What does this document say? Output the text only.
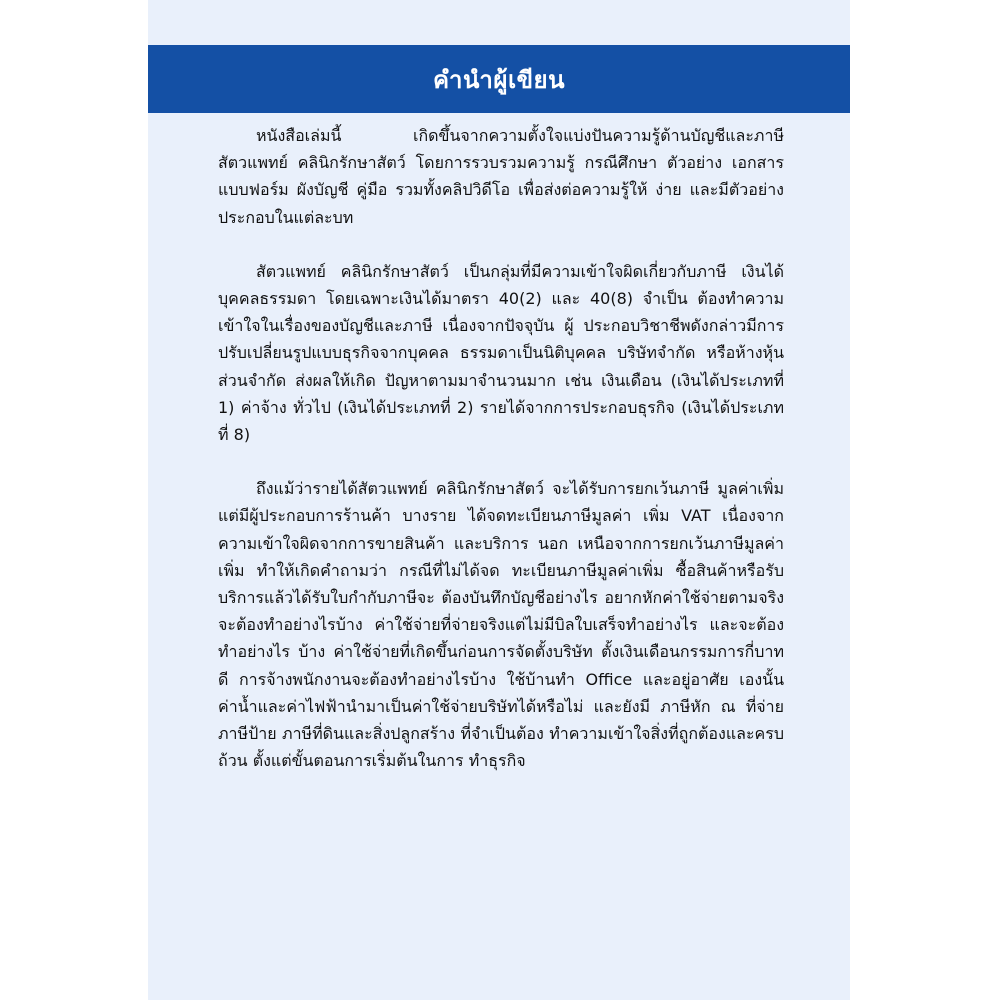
คำนำผู้เขียน

หนังสือเล่มนี้ เกิดขึ้นจากความตั้งใจแบ่งปันความรู้ด้านบัญชีและภาษี สัตวแพทย์ คลินิกรักษาสัตว์ โดยการรวบรวมความรู้ กรณีศึกษา ตัวอย่าง เอกสาร แบบฟอร์ม ผังบัญชี คู่มือ รวมทั้งคลิปวิดีโอ เพื่อส่งต่อความรู้ให้ ง่าย และมีตัวอย่างประกอบในแต่ละบท

สัตวแพทย์ คลินิกรักษาสัตว์ เป็นกลุ่มที่มีความเข้าใจผิดเกี่ยวกับภาษี เงินได้บุคคลธรรมดา โดยเฉพาะเงินได้มาตรา 40(2) และ 40(8) จำเป็น ต้องทำความเข้าใจในเรื่องของบัญชีและภาษี เนื่องจากปัจจุบัน ผู้ ประกอบวิชาชีพดังกล่าวมีการปรับเปลี่ยนรูปแบบธุรกิจจากบุคคล ธรรมดาเป็นนิติบุคคล บริษัทจำกัด หรือห้างหุ้นส่วนจำกัด ส่งผลให้เกิด ปัญหาตามมาจำนวนมาก เช่น เงินเดือน (เงินได้ประเภทที่ 1) ค่าจ้าง ทั่วไป (เงินได้ประเภทที่ 2) รายได้จากการประกอบธุรกิจ (เงินได้ประเภท ที่ 8)

ถึงแม้ว่ารายได้สัตวแพทย์ คลินิกรักษาสัตว์ จะได้รับการยกเว้นภาษี มูลค่าเพิ่ม แต่มีผู้ประกอบการร้านค้า บางราย ได้จดทะเบียนภาษีมูลค่า เพิ่ม VAT เนื่องจากความเข้าใจผิดจากการขายสินค้า และบริการ นอก เหนือจากการยกเว้นภาษีมูลค่าเพิ่ม ทำให้เกิดคำถามว่า กรณีที่ไม่ได้จด ทะเบียนภาษีมูลค่าเพิ่ม ซื้อสินค้าหรือรับบริการแล้วได้รับใบกำกับภาษีจะ ต้องบันทึกบัญชีอย่างไร อยากหักค่าใช้จ่ายตามจริงจะต้องทำอย่างไรบ้าง ค่าใช้จ่ายที่จ่ายจริงแต่ไม่มีบิลใบเสร็จทำอย่างไร และจะต้องทำอย่างไร บ้าง ค่าใช้จ่ายที่เกิดขึ้นก่อนการจัดตั้งบริษัท ตั้งเงินเดือนกรรมการกี่บาทดี การจ้างพนักงานจะต้องทำอย่างไรบ้าง ใช้บ้านทำ Office และอยู่อาศัย เองนั้น ค่าน้ำและค่าไฟฟ้านำมาเป็นค่าใช้จ่ายบริษัทได้หรือไม่ และยังมี ภาษีหัก ณ ที่จ่าย ภาษีป้าย ภาษีที่ดินและสิ่งปลูกสร้าง ที่จำเป็นต้อง ทำความเข้าใจสิ่งที่ถูกต้องและครบถ้วน ตั้งแต่ขั้นตอนการเริ่มต้นในการ ทำธุรกิจ
